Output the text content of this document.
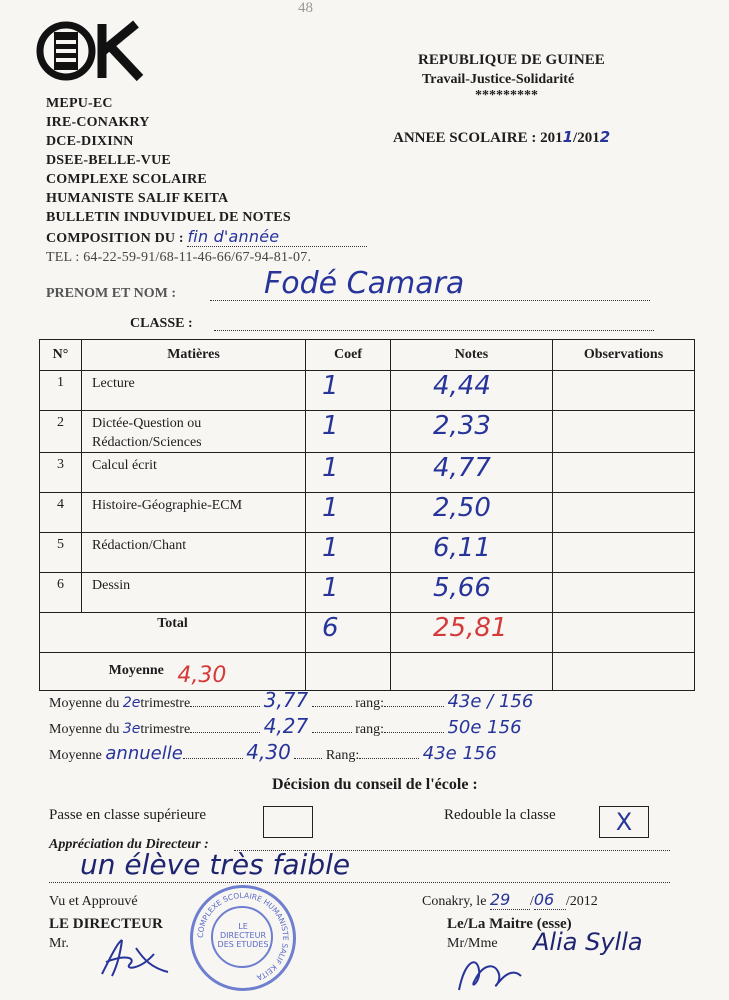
48
MEPU-EC
IRE-CONAKRY
DCE-DIXINN
DSEE-BELLE-VUE
COMPLEXE SCOLAIRE
HUMANISTE SALIF KEITA
BULLETIN INDUVIDUEL DE NOTES
COMPOSITION DU : fin d'année
TEL : 64-22-59-91/68-11-46-66/67-94-81-07.
REPUBLIQUE DE GUINEE
Travail-Justice-Solidarité
*********
ANNEE SCOLAIRE : 2011/2012
PRENOM ET NOM :	Fodé Camara
CLASSE :
N°	Matières	Coef	Notes	Observations
1	Lecture	1	4,44	
2	Dictée-Question ou Rédaction/Sciences	1	2,33	
3	Calcul écrit	1	4,77	
4	Histoire-Géographie-ECM	1	2,50	
5	Rédaction/Chant	1	6,11	
6	Dessin	1	5,66	
Total		6	25,81	
Moyenne 4,30				
Moyenne du 2etrimestre	3,77	rang:	43e / 156
Moyenne du 3etrimestre	4,27	rang:	50e 156
Moyenne annuelle	4,30	Rang:	43e 156
Décision du conseil de l'école :
Passe en classe supérieure	Redouble la classe	X
Appréciation du Directeur :
un élève très faible
Vu et Approuvé
LE DIRECTEUR
Mr.
COMPLEXE SCOLAIRE HUMANISTE SALIF KEITA
LE DIRECTEUR DES ETUDES
Conakry, le 29 /06 /2012
Le/La Maitre (esse)
Mr/Mme Alia Sylla
